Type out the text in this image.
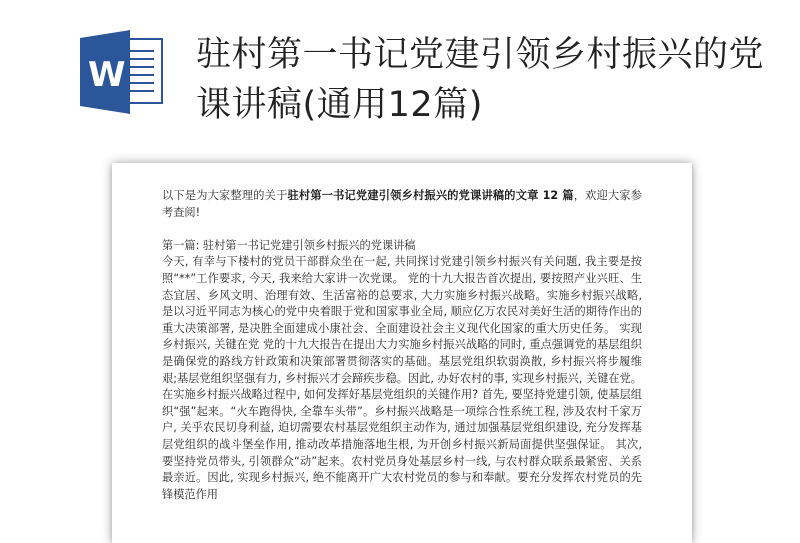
W 驻村第一书记党建引领乡村振兴的党课讲稿(通用12篇)

以下是为大家整理的关于驻村第一书记党建引领乡村振兴的党课讲稿的文章 12 篇，欢迎大家参考查阅!

第一篇: 驻村第一书记党建引领乡村振兴的党课讲稿

今天, 有幸与下楼村的党员干部群众坐在一起, 共同探讨党建引领乡村振兴有关问题, 我主要是按照“**”工作要求, 今天, 我来给大家讲一次党课。 党的十九大报告首次提出, 要按照产业兴旺、生态宜居、乡风文明、治理有效、生活富裕的总要求, 大力实施乡村振兴战略。实施乡村振兴战略, 是以习近平同志为核心的党中央着眼于党和国家事业全局, 顺应亿万农民对美好生活的期待作出的重大决策部署, 是决胜全面建成小康社会、全面建设社会主义现代化国家的重大历史任务。 实现乡村振兴, 关键在党 党的十九大报告在提出大力实施乡村振兴战略的同时, 重点强调党的基层组织是确保党的路线方针政策和决策部署贯彻落实的基础。基层党组织软弱涣散, 乡村振兴将步履维艰;基层党组织坚强有力, 乡村振兴才会蹄疾步稳。因此, 办好农村的事, 实现乡村振兴, 关键在党。 在实施乡村振兴战略过程中, 如何发挥好基层党组织的关键作用? 首先, 要坚持党建引领, 使基层组织“强”起来。“火车跑得快, 全靠车头带”。乡村振兴战略是一项综合性系统工程, 涉及农村千家万户, 关乎农民切身利益, 迫切需要农村基层党组织主动作为, 通过加强基层党组织建设, 充分发挥基层党组织的战斗堡垒作用, 推动改革措施落地生根, 为开创乡村振兴新局面提供坚强保证。 其次, 要坚持党员带头, 引领群众“动”起来。农村党员身处基层乡村一线, 与农村群众联系最紧密、关系最亲近。因此, 实现乡村振兴, 绝不能离开广大农村党员的参与和奉献。要充分发挥农村党员的先锋模范作用
